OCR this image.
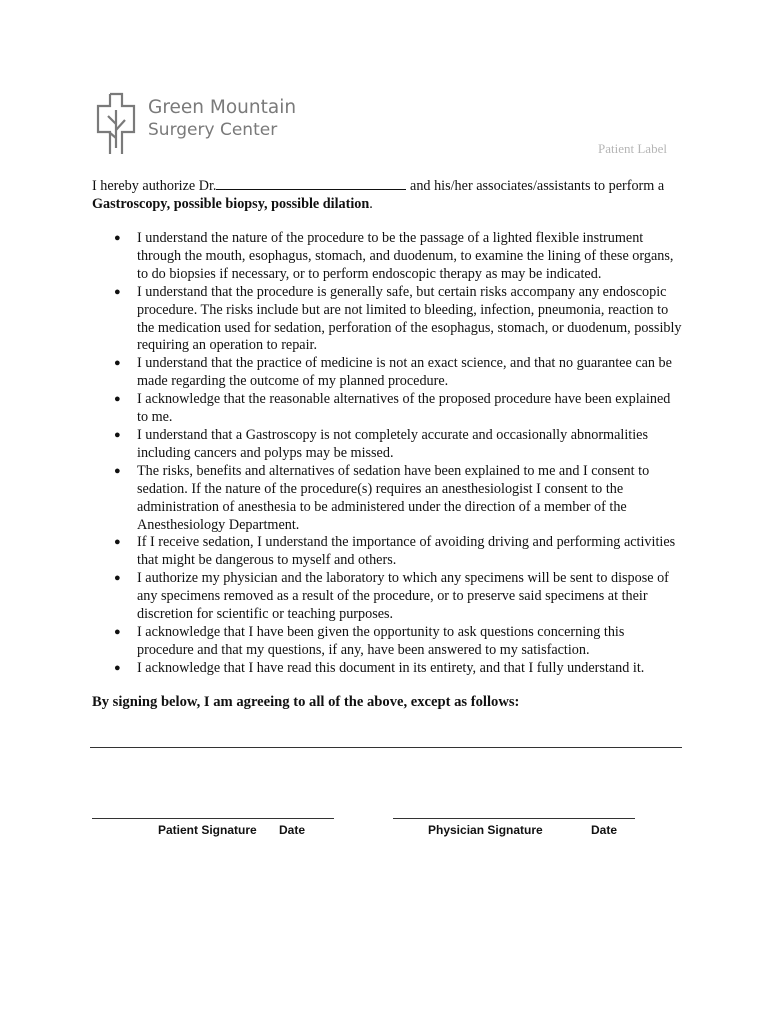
Green Mountain
Surgery Center
Patient Label
I hereby authorize Dr.	and his/her associates/assistants to perform a Gastroscopy, possible biopsy, possible dilation.
● I understand the nature of the procedure to be the passage of a lighted flexible instrument through the mouth, esophagus, stomach, and duodenum, to examine the lining of these organs, to do biopsies if necessary, or to perform endoscopic therapy as may be indicated.
● I understand that the procedure is generally safe, but certain risks accompany any endoscopic procedure. The risks include but are not limited to bleeding, infection, pneumonia, reaction to the medication used for sedation, perforation of the esophagus, stomach, or duodenum, possibly requiring an operation to repair.
● I understand that the practice of medicine is not an exact science, and that no guarantee can be made regarding the outcome of my planned procedure.
● I acknowledge that the reasonable alternatives of the proposed procedure have been explained to me.
● I understand that a Gastroscopy is not completely accurate and occasionally abnormalities including cancers and polyps may be missed.
● The risks, benefits and alternatives of sedation have been explained to me and I consent to sedation. If the nature of the procedure(s) requires an anesthesiologist I consent to the administration of anesthesia to be administered under the direction of a member of the Anesthesiology Department.
● If I receive sedation, I understand the importance of avoiding driving and performing activities that might be dangerous to myself and others.
● I authorize my physician and the laboratory to which any specimens will be sent to dispose of any specimens removed as a result of the procedure, or to preserve said specimens at their discretion for scientific or teaching purposes.
● I acknowledge that I have been given the opportunity to ask questions concerning this procedure and that my questions, if any, have been answered to my satisfaction.
● I acknowledge that I have read this document in its entirety, and that I fully understand it.
By signing below, I am agreeing to all of the above, except as follows:
Patient Signature Date	Physician Signature	Date
